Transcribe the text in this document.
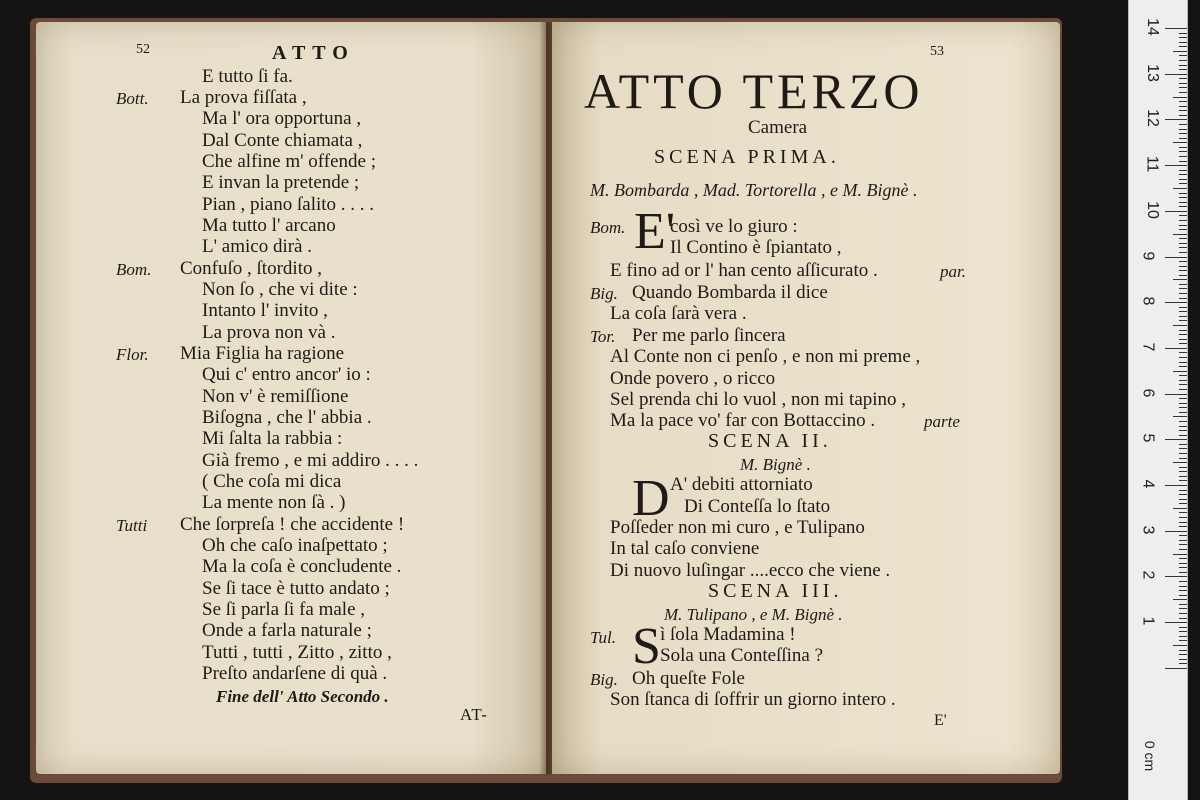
52	ATTO
E tutto ſi fa.
Bott. La prova fiſſata ,
Ma l' ora opportuna ,
Dal Conte chiamata ,
Che alfine m' offende ;
E invan la pretende ;
Pian , piano ſalito . . . .
Ma tutto l' arcano
L' amico dirà .
Bom. Confuſo , ſtordito ,
Non ſo , che vi dite :
Intanto l' invito ,
La prova non và .
Flor. Mia Figlia ha ragione
Qui c' entro ancor' io :
Non v' è remiſſione
Biſogna , che l' abbia .
Mi ſalta la rabbia :
Già fremo , e mi addiro . . . .
( Che coſa mi dica
La mente non ſà . )
Tutti Che ſorpreſa ! che accidente !
Oh che caſo inaſpettato ;
Ma la coſa è concludente .
Se ſi tace è tutto andato ;
Se ſi parla ſi fa male ,
Onde a farla naturale ;
Tutti , tutti , Zitto , zitto ,
Preſto andarſene di quà .
Fine dell' Atto Secondo .
AT-
53
ATTO TERZO
Camera
SCENA PRIMA.
M. Bombarda , Mad. Tortorella , e M. Bignè .
Bom. E'
così ve lo giuro :
Il Contino è ſpiantato ,
E fino ad or l' han cento aſſicurato .	par.
Big. Quando Bombarda il dice
La coſa ſarà vera .
Tor. Per me parlo ſincera
Al Conte non ci penſo , e non mi preme ,
Onde povero , o ricco
Sel prenda chi lo vuol , non mi tapino ,
Ma la pace vo' far con Bottaccino .	parte
SCENA II.
M. Bignè .
D A' debiti attorniato
Di Conteſſa lo ſtato
Poſſeder non mi curo , e Tulipano
In tal caſo conviene
Di nuovo luſingar ....ecco che viene .
SCENA III.
M. Tulipano , e M. Bignè .
Tul. S ì ſola Madamina !
Sola una Conteſſina ?
Big. Oh queſte Fole
Son ſtanca di ſoffrir un giorno intero .
E'
0 cm
14
13
12
11
10
9
8
7
6
5
4
3
2
1
